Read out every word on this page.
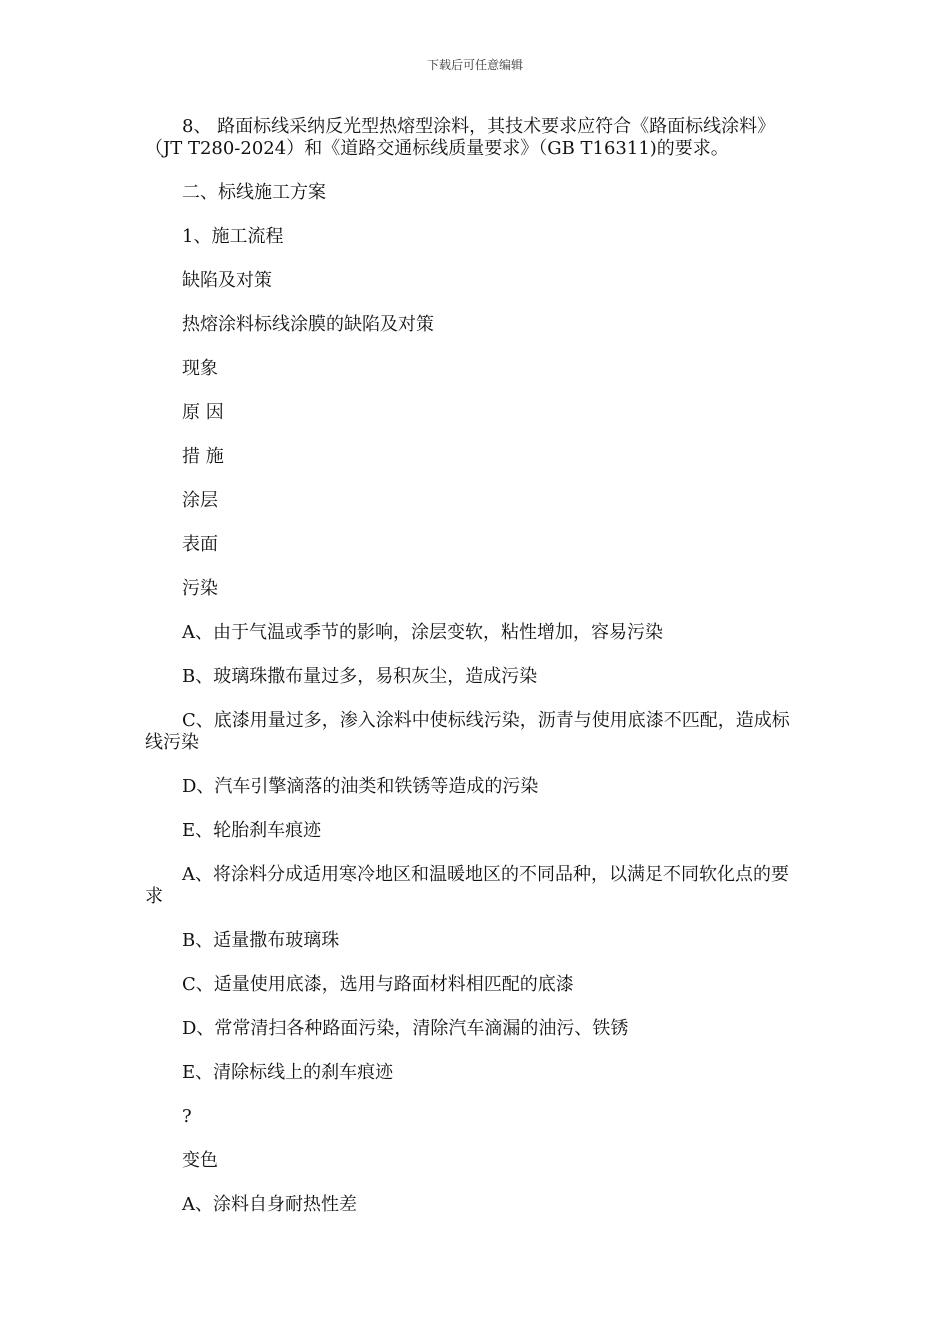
下载后可任意编辑

8、 路面标线采纳反光型热熔型涂料，其技术要求应符合《路面标线涂料》（JT T280-2024）和《道路交通标线质量要求》（GB T16311)的要求。

二、标线施工方案

1、施工流程

缺陷及对策

热熔涂料标线涂膜的缺陷及对策

现象

原 因

措 施

涂层

表面

污染

A、由于气温或季节的影响，涂层变软，粘性增加，容易污染

B、玻璃珠撒布量过多，易积灰尘，造成污染

C、底漆用量过多，渗入涂料中使标线污染，沥青与使用底漆不匹配，造成标线污染

D、汽车引擎滴落的油类和铁锈等造成的污染

E、轮胎刹车痕迹

A、将涂料分成适用寒冷地区和温暖地区的不同品种，以满足不同软化点的要求

B、适量撒布玻璃珠

C、适量使用底漆，选用与路面材料相匹配的底漆

D、常常清扫各种路面污染，清除汽车滴漏的油污、铁锈

E、清除标线上的刹车痕迹

?

变色

A、涂料自身耐热性差
